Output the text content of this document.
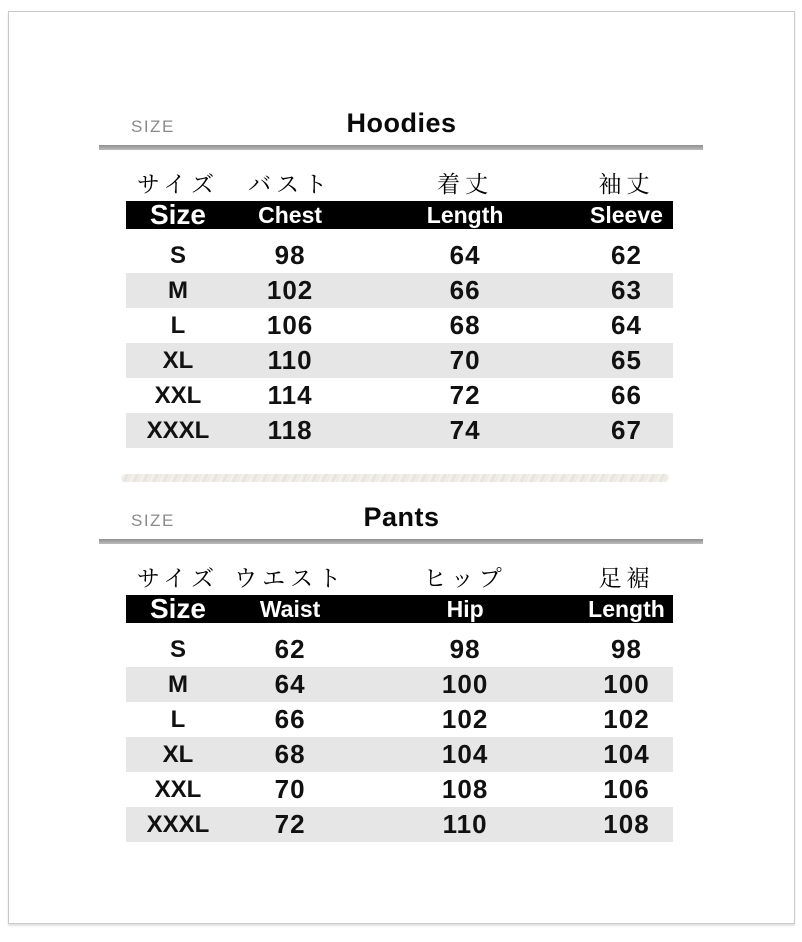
SIZE	Hoodies
サイズ	バスト	着丈	袖丈
Size	Chest	Length	Sleeve
S	98	64	62
M	102	66	63
L	106	68	64
XL	110	70	65
XXL	114	72	66
XXXL	118	74	67
SIZE	Pants
サイズ ウエスト	ヒップ	足裾
Size	Waist	Hip	Length
S	62	98	98
M	64	100	100
L	66	102	102
XL	68	104	104
XXL	70	108	106
XXXL	72	110	108
